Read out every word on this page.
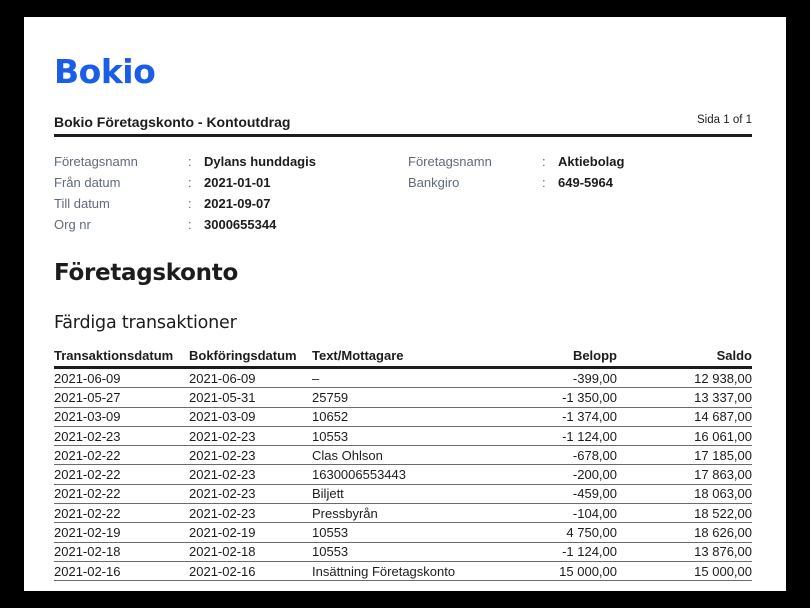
Bokio
Bokio Företagskonto - Kontoutdrag	Sida 1 of 1
Företagsnamn	: Dylans hunddagis
Från datum	: 2021-01-01
Till datum	: 2021-09-07
Org nr	: 3000655344
Företagsnamn	: Aktiebolag
Bankgiro	: 649-5964
Företagskonto
Färdiga transaktioner
Transaktionsdatum	Bokföringsdatum	Text/Mottagare	Belopp	Saldo
2021-06-09	2021-06-09	–	-399,00	12 938,00
2021-05-27	2021-05-31	25759	-1 350,00	13 337,00
2021-03-09	2021-03-09	10652	-1 374,00	14 687,00
2021-02-23	2021-02-23	10553	-1 124,00	16 061,00
2021-02-22	2021-02-23	Clas Ohlson	-678,00	17 185,00
2021-02-22	2021-02-23	1630006553443	-200,00	17 863,00
2021-02-22	2021-02-23	Biljett	-459,00	18 063,00
2021-02-22	2021-02-23	Pressbyrån	-104,00	18 522,00
2021-02-19	2021-02-19	10553	4 750,00	18 626,00
2021-02-18	2021-02-18	10553	-1 124,00	13 876,00
2021-02-16	2021-02-16	Insättning Företagskonto	15 000,00	15 000,00
